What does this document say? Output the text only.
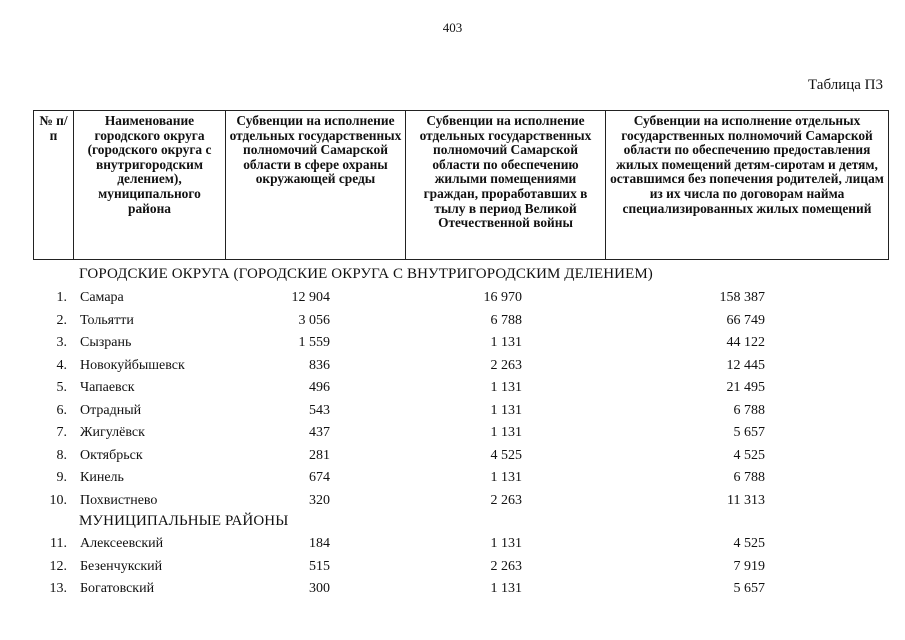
403
Таблица П3
№ п/п	Наименование городского округа (городского округа с внутригородским делением), муниципального района	Субвенции на исполнение отдельных государственных полномочий Самарской области в сфере охраны окружающей среды	Субвенции на исполнение отдельных государственных полномочий Самарской области по обеспечению жилыми помещениями граждан, проработавших в тылу в период Великой Отечественной войны	Субвенции на исполнение отдельных государственных полномочий Самарской области по обеспечению предоставления жилых помещений детям-сиротам и детям, оставшимся без попечения родителей, лицам из их числа по договорам найма специализированных жилых помещений
ГОРОДСКИЕ ОКРУГА (ГОРОДСКИЕ ОКРУГА С ВНУТРИГОРОДСКИМ ДЕЛЕНИЕМ)
1. Самара	12 904	16 970	158 387
2. Тольятти	3 056	6 788	66 749
3. Сызрань	1 559	1 131	44 122
4. Новокуйбышевск	836	2 263	12 445
5. Чапаевск	496	1 131	21 495
6. Отрадный	543	1 131	6 788
7. Жигулёвск	437	1 131	5 657
8. Октябрьск	281	4 525	4 525
9. Кинель	674	1 131	6 788
10. Похвистнево	320	2 263	11 313
МУНИЦИПАЛЬНЫЕ РАЙОНЫ
11. Алексеевский	184	1 131	4 525
12. Безенчукский	515	2 263	7 919
13. Богатовский	300	1 131	5 657
